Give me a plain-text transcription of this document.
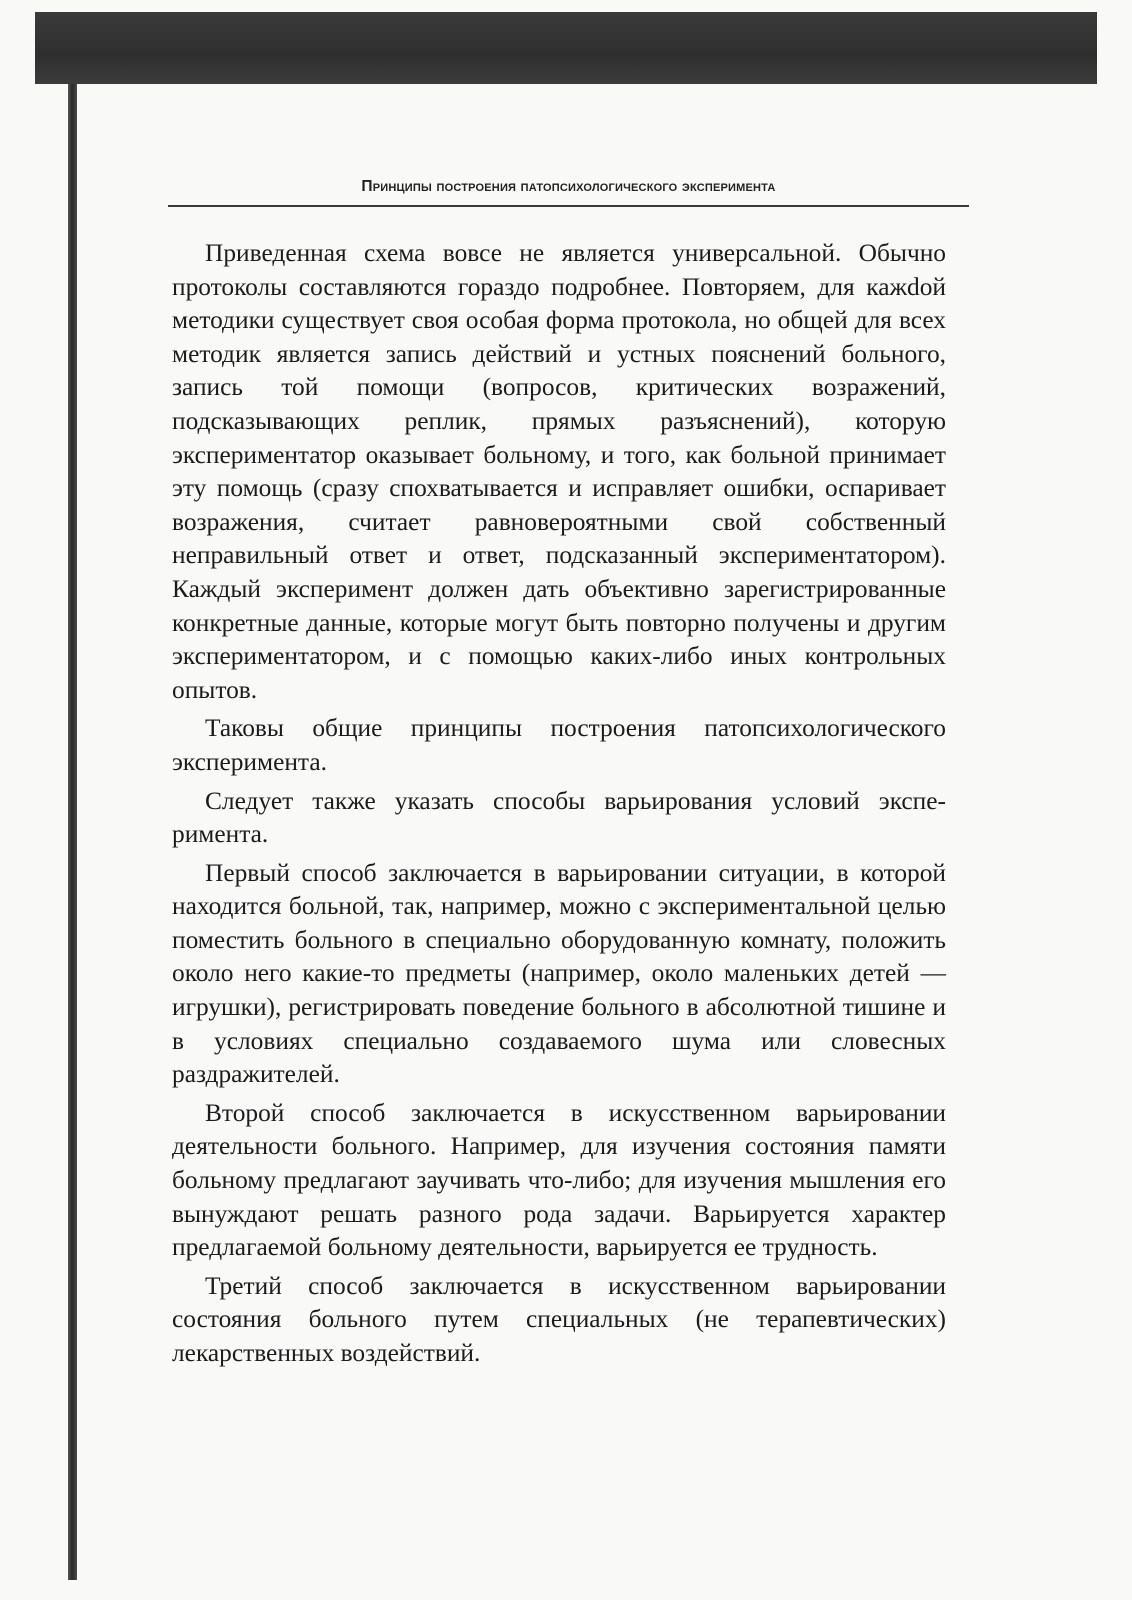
Принципы построения патопсихологического эксперимента

Приведенная схема вовсе не является универсальной. Обычно протоколы составляются гораздо подробнее. Повторяем, для кажdой методики существует своя особая форма протокола, но общей для всех методик является запись действий и устных пояснений больного, запись той помощи (вопросов, критических возражений, подсказывающих реплик, прямых разъяснений), которую экспериментатор оказывает больному, и того, как больной принимает эту помощь (сразу спохватывается и исправляет ошибки, оспаривает возражения, считает равновероятными свой собственный неправильный ответ и ответ, подсказанный экспериментатором). Каждый эксперимент должен дать объективно зарегистрированные конкретные данные, которые могут быть повторно получены и другим экспериментатором, и с помощью каких-либо иных контрольных опытов.

Таковы общие принципы построения патопсихологического эксперимента.

Следует также указать способы варьирования условий эксперимента.

Первый способ заключается в варьировании ситуации, в которой находится больной, так, например, можно с экспериментальной целью поместить больного в специально оборудованную комнату, положить около него какие-то предметы (например, около маленьких детей — игрушки), регистрировать поведение больного в абсолютной тишине и в условиях специально создаваемого шума или словесных раздражителей.

Второй способ заключается в искусственном варьировании деятельности больного. Например, для изучения состояния памяти больному предлагают заучивать что-либо; для изучения мышления его вынуждают решать разного рода задачи. Варьируется характер предлагаемой больному деятельности, варьируется ее трудность.

Третий способ заключается в искусственном варьировании состояния больного путем специальных (не терапевтических) лекарственных воздействий.
